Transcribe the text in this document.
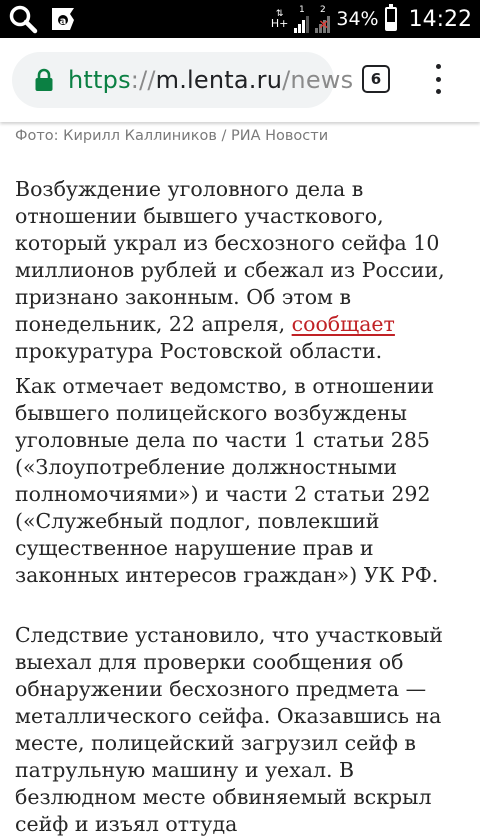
a
⇅
H+
1 2
✕ 34% 14:22
https://m.lenta.ru/news 6
Фото: Кирилл Каллиников / РИА Новости

Возбуждение уголовного дела в отношении бывшего участкового, который украл из бесхозного сейфа 10 миллионов рублей и сбежал из России, признано законным. Об этом в понедельник, 22 апреля, сообщает прокуратура Ростовской области.

Как отмечает ведомство, в отношении бывшего полицейского возбуждены уголовные дела по части 1 статьи 285 («Злоупотребление должностными полномочиями») и части 2 статьи 292 («Служебный подлог, повлекший существенное нарушение прав и законных интересов граждан») УК РФ.

Следствие установило, что участковый выехал для проверки сообщения об обнаружении бесхозного предмета — металлического сейфа. Оказавшись на месте, полицейский загрузил сейф в патрульную машину и уехал. В безлюдном месте обвиняемый вскрыл сейф и изъял оттуда
